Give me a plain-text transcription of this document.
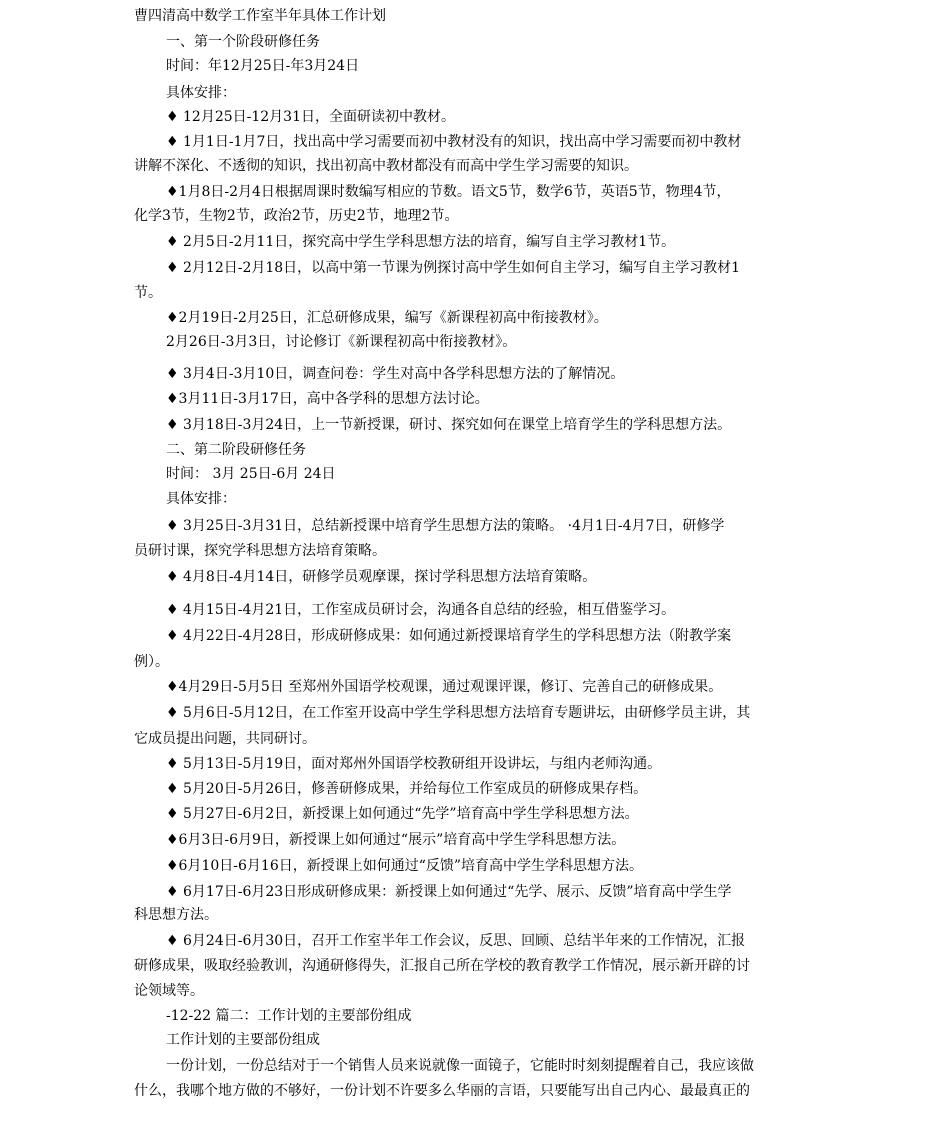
曹四清高中数学工作室半年具体工作计划
一、第一个阶段研修任务
时间：年12月25日-年3月24日
具体安排：
♦ 12月25日-12月31日，全面研读初中教材。
♦ 1月1日-1月7日，找出高中学习需要而初中教材没有的知识，找出高中学习需要而初中教材
讲解不深化、不透彻的知识，找出初高中教材都没有而高中学生学习需要的知识。
♦1月8日-2月4日根据周课时数编写相应的节数。语文5节，数学6节，英语5节，物理4节，
化学3节，生物2节，政治2节，历史2节，地理2节。
♦ 2月5日-2月11日，探究高中学生学科思想方法的培育，编写自主学习教材1节。
♦ 2月12日-2月18日，以高中第一节课为例探讨高中学生如何自主学习，编写自主学习教材1
节。
♦2月19日-2月25日，汇总研修成果，编写《新课程初高中衔接教材》。
2月26日-3月3日，讨论修订《新课程初高中衔接教材》。
♦ 3月4日-3月10日，调查问卷：学生对高中各学科思想方法的了解情况。
♦3月11日-3月17日，高中各学科的思想方法讨论。
♦ 3月18日-3月24日，上一节新授课，研讨、探究如何在课堂上培育学生的学科思想方法。
二、第二阶段研修任务
时间： 3月 25日-6月 24日
具体安排：
♦ 3月25日-3月31日，总结新授课中培育学生思想方法的策略。 ·4月1日-4月7日，研修学
员研讨课，探究学科思想方法培育策略。
♦ 4月8日-4月14日，研修学员观摩课，探讨学科思想方法培育策略。
♦ 4月15日-4月21日，工作室成员研讨会，沟通各自总结的经验，相互借鉴学习。
♦ 4月22日-4月28日，形成研修成果：如何通过新授课培育学生的学科思想方法（附教学案
例）。
♦4月29日-5月5日 至郑州外国语学校观课，通过观课评课，修订、完善自己的研修成果。
♦ 5月6日-5月12日，在工作室开设高中学生学科思想方法培育专题讲坛，由研修学员主讲，其
它成员提出问题，共同研讨。
♦ 5月13日-5月19日，面对郑州外国语学校教研组开设讲坛，与组内老师沟通。
♦ 5月20日-5月26日，修善研修成果，并给每位工作室成员的研修成果存档。
♦ 5月27日-6月2日，新授课上如何通过“先学”培育高中学生学科思想方法。
♦6月3日-6月9日，新授课上如何通过“展示”培育高中学生学科思想方法。
♦6月10日-6月16日，新授课上如何通过“反馈”培育高中学生学科思想方法。
♦ 6月17日-6月23日形成研修成果：新授课上如何通过“先学、展示、反馈”培育高中学生学
科思想方法。
♦ 6月24日-6月30日，召开工作室半年工作会议，反思、回顾、总结半年来的工作情况，汇报
研修成果，吸取经验教训，沟通研修得失，汇报自己所在学校的教育教学工作情况，展示新开辟的讨
论领域等。
-12-22 篇二：工作计划的主要部份组成
工作计划的主要部份组成
一份计划，一份总结对于一个销售人员来说就像一面镜子，它能时时刻刻提醒着自己，我应该做
什么，我哪个地方做的不够好，一份计划不许要多么华丽的言语，只要能写出自己内心、最最真正的
